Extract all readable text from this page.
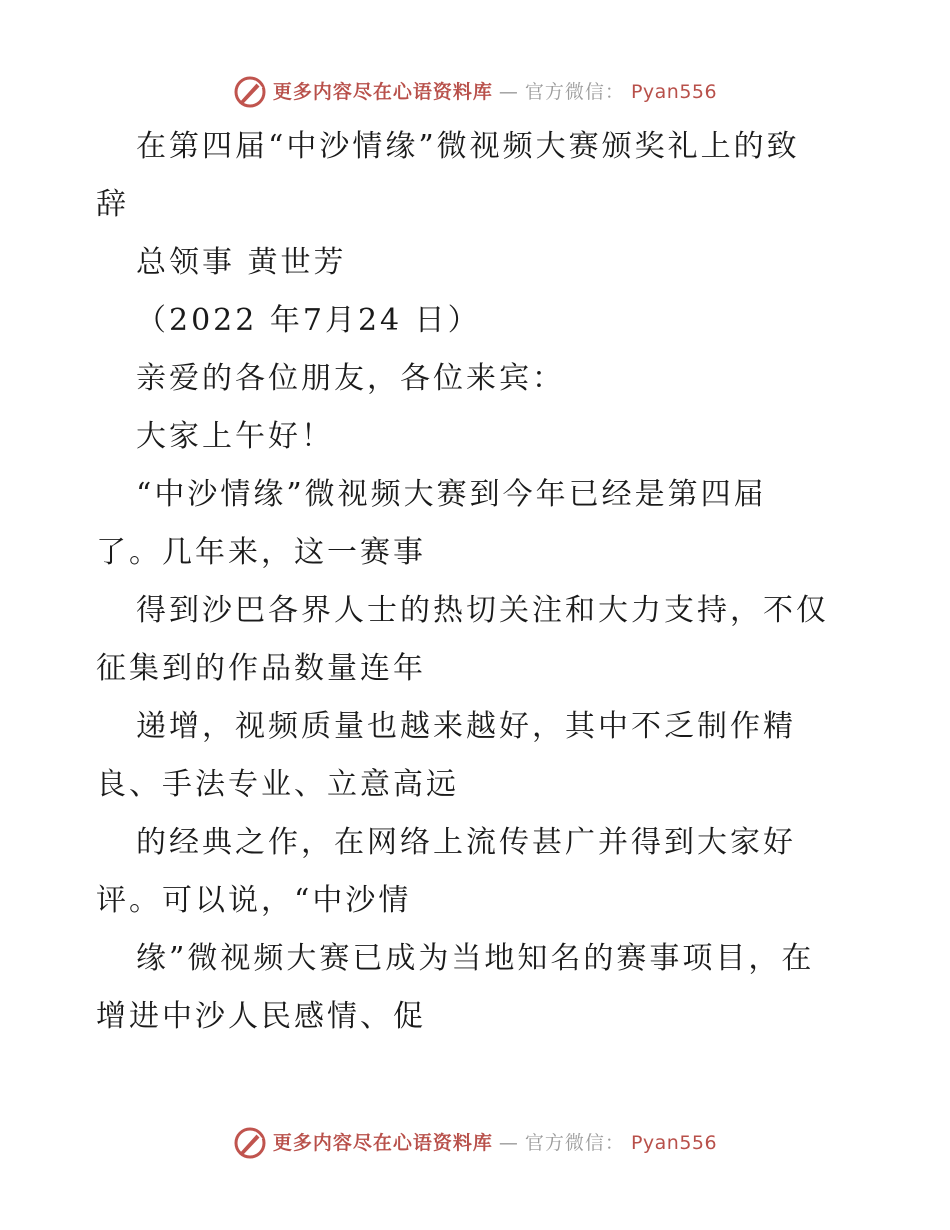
更多内容尽在心语资料库 — 官方微信： Pyan556
在第四届“中沙情缘”微视频大赛颁奖礼上的致
辞
总领事 黄世芳
（2022 年7月24 日）
亲爱的各位朋友，各位来宾：
大家上午好！
“中沙情缘”微视频大赛到今年已经是第四届
了。几年来，这一赛事
得到沙巴各界人士的热切关注和大力支持，不仅
征集到的作品数量连年
递增，视频质量也越来越好，其中不乏制作精
良、手法专业、立意高远
的经典之作，在网络上流传甚广并得到大家好
评。可以说，“中沙情
缘”微视频大赛已成为当地知名的赛事项目，在
增进中沙人民感情、促
更多内容尽在心语资料库 — 官方微信： Pyan556
